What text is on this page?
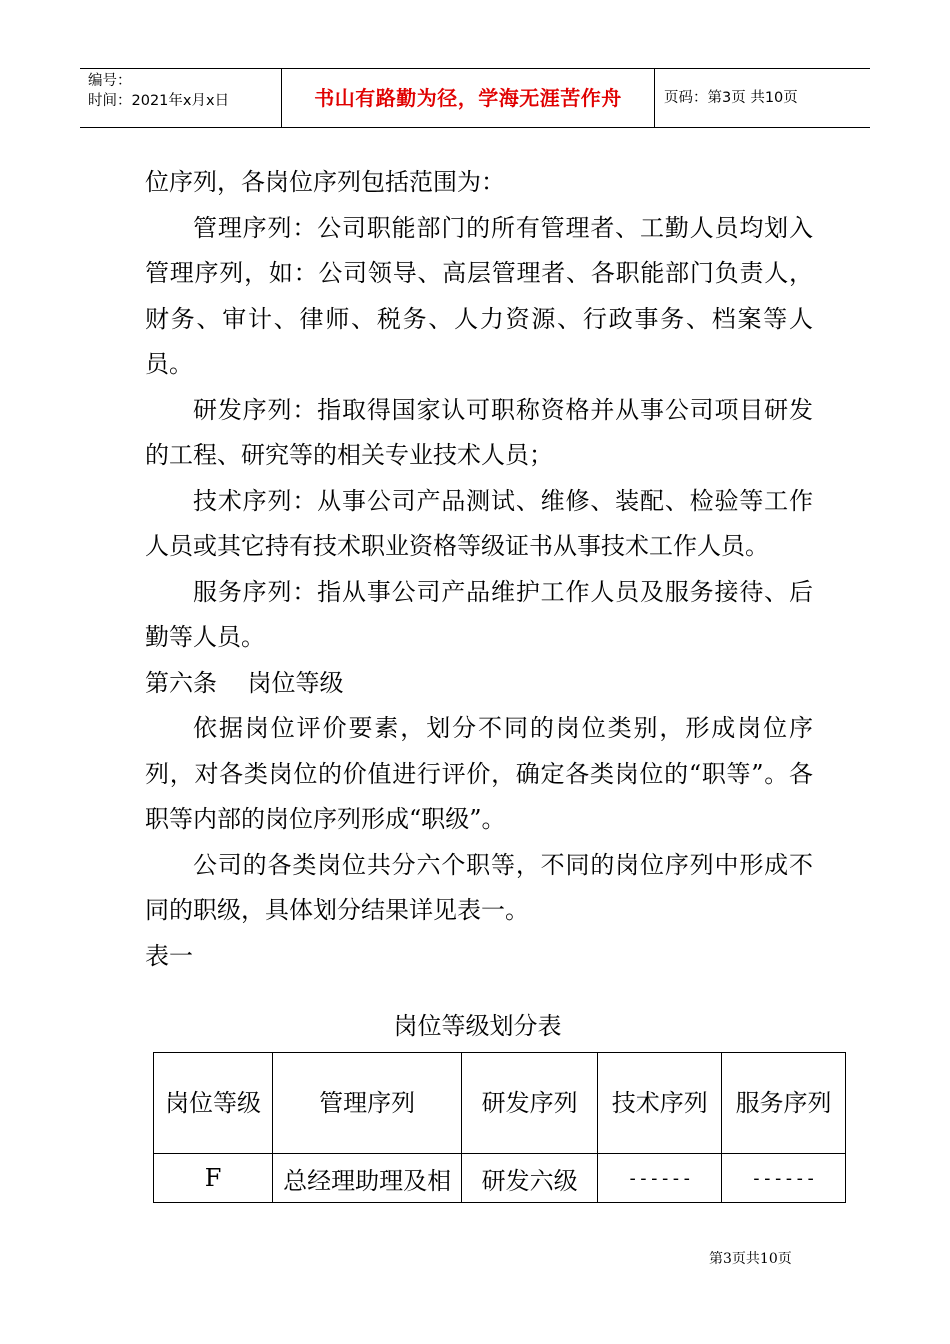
编号：
时间：2021年x月x日	书山有路勤为径，学海无涯苦作舟	页码：第3页 共10页

位序列，各岗位序列包括范围为：

管理序列：公司职能部门的所有管理者、工勤人员均划入管理序列，如：公司领导、高层管理者、各职能部门负责人，财务、审计、律师、税务、人力资源、行政事务、档案等人员。

研发序列：指取得国家认可职称资格并从事公司项目研发的工程、研究等的相关专业技术人员；

技术序列：从事公司产品测试、维修、装配、检验等工作人员或其它持有技术职业资格等级证书从事技术工作人员。

服务序列：指从事公司产品维护工作人员及服务接待、后勤等人员。

第六条    岗位等级

依据岗位评价要素，划分不同的岗位类别，形成岗位序列，对各类岗位的价值进行评价，确定各类岗位的“职等”。各职等内部的岗位序列形成“职级”。

公司的各类岗位共分六个职等，不同的岗位序列中形成不同的职级，具体划分结果详见表一。

表一

岗位等级划分表
岗位等级	管理序列	研发序列	技术序列	服务序列
F	总经理助理及相	研发六级	------	------
第3页共10页
